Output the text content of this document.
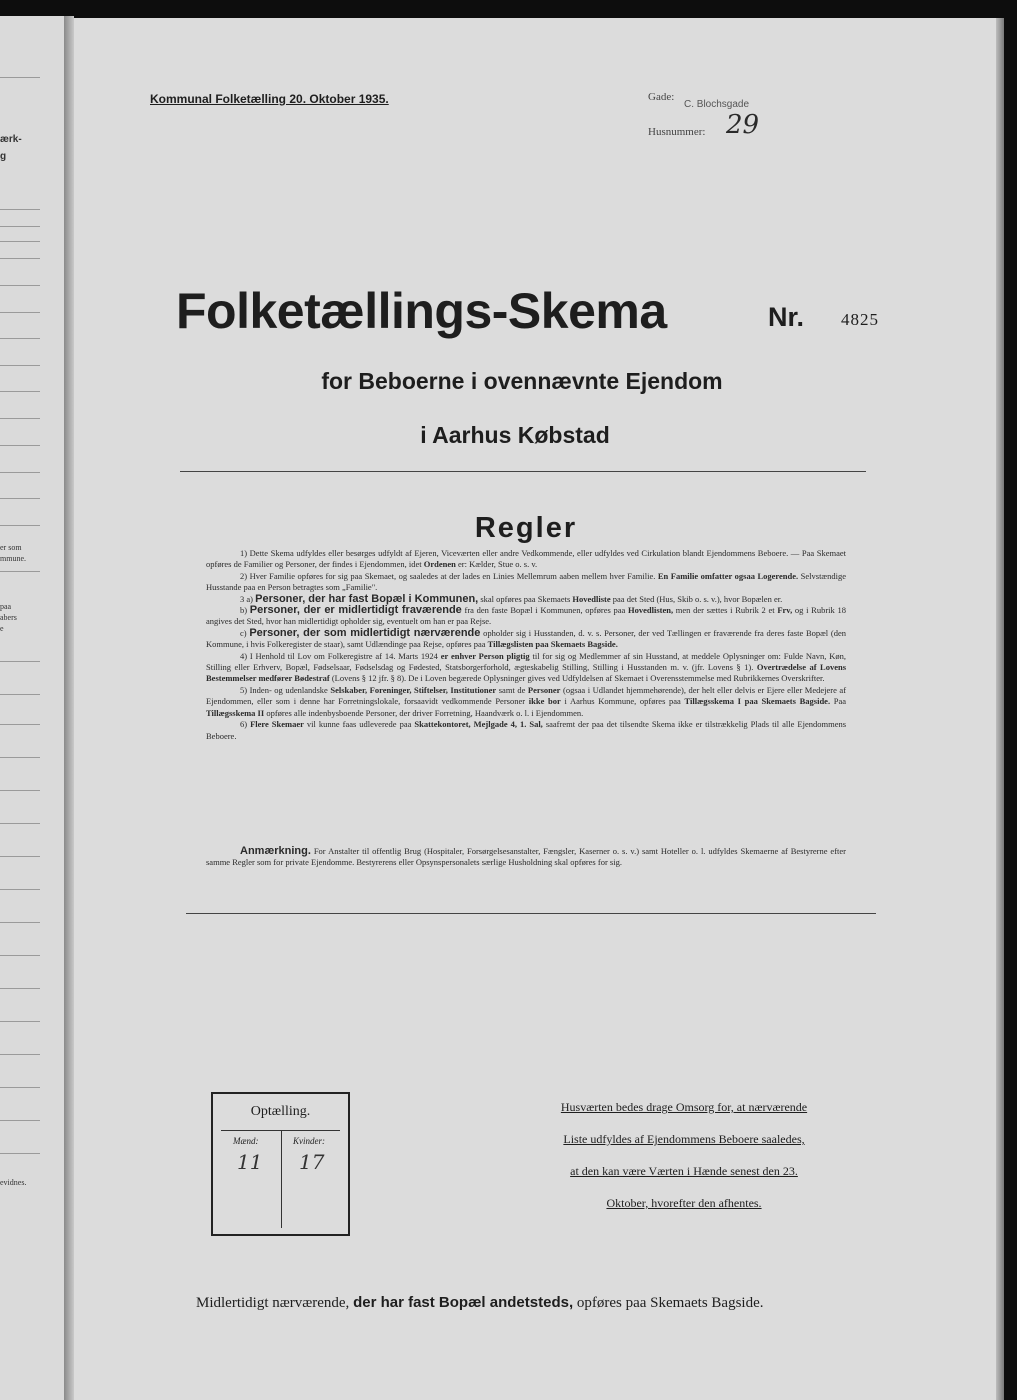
ærk-
g
er som
mmune.
paa
abers
e
evidnes.
Kommunal Folketælling 20. Oktober 1935.	Gade:
C. Blochsgade
Husnummer: 29
Folketællings-Skema	Nr. 4825
for Beboerne i ovennævnte Ejendom
i Aarhus Købstad
Regler

1) Dette Skema udfyldes eller besørges udfyldt af Ejeren, Viceværten eller andre Vedkommende, eller udfyldes ved Cirkulation blandt Ejendommens Beboere. — Paa Skemaet opføres de Familier og Personer, der findes i Ejendommen, idet Ordenen er: Kælder, Stue o. s. v.

2) Hver Familie opføres for sig paa Skemaet, og saaledes at der lades en Linies Mellemrum aaben mellem hver Familie. En Familie omfatter ogsaa Logerende. Selvstændige Husstande paa en Person betragtes som „Familie".

3 a) Personer, der har fast Bopæl i Kommunen, skal opføres paa Skemaets Hovedliste paa det Sted (Hus, Skib o. s. v.), hvor Bopælen er.

b) Personer, der er midlertidigt fraværende fra den faste Bopæl i Kommunen, opføres paa Hovedlisten, men der sættes i Rubrik 2 et Frv, og i Rubrik 18 angives det Sted, hvor han midlertidigt opholder sig, eventuelt om han er paa Rejse.

c) Personer, der som midlertidigt nærværende opholder sig i Husstanden, d. v. s. Personer, der ved Tællingen er fraværende fra deres faste Bopæl (den Kommune, i hvis Folkeregister de staar), samt Udlændinge paa Rejse, opføres paa Tillægslisten paa Skemaets Bagside.

4) I Henhold til Lov om Folkeregistre af 14. Marts 1924 er enhver Person pligtig til for sig og Medlemmer af sin Husstand, at meddele Oplysninger om: Fulde Navn, Køn, Stilling eller Erhverv, Bopæl, Fødselsaar, Fødselsdag og Fødested, Statsborgerforhold, ægteskabelig Stilling, Stilling i Husstanden m. v. (jfr. Lovens § 1). Overtrædelse af Lovens Bestemmelser medfører Bødestraf (Lovens § 12 jfr. § 8). De i Loven begærede Oplysninger gives ved Udfyldelsen af Skemaet i Overensstemmelse med Rubrikkernes Overskrifter.

5) Inden- og udenlandske Selskaber, Foreninger, Stiftelser, Institutioner samt de Personer (ogsaa i Udlandet hjemmehørende), der helt eller delvis er Ejere eller Medejere af Ejendommen, eller som i denne har Forretningslokale, forsaavidt vedkommende Personer ikke bor i Aarhus Kommune, opføres paa Tillægsskema I paa Skemaets Bagside. Paa Tillægsskema II opføres alle indenbysboende Personer, der driver Forretning, Haandværk o. l. i Ejendommen.

6) Flere Skemaer vil kunne faas udleverede paa Skattekontoret, Mejlgade 4, 1. Sal, saafremt der paa det tilsendte Skema ikke er tilstrækkelig Plads til alle Ejendommens Beboere.

Anmærkning. For Anstalter til offentlig Brug (Hospitaler, Forsørgelsesanstalter, Fængsler, Kaserner o. s. v.) samt Hoteller o. l. udfyldes Skemaerne af Bestyrerne efter samme Regler som for private Ejendomme. Bestyrerens eller Opsynspersonalets særlige Husholdning skal opføres for sig.

Optælling.
Mænd:	Kvinder:
11 17
Husværten bedes drage Omsorg for, at nærværende
Liste udfyldes af Ejendommens Beboere saaledes,
at den kan være Værten i Hænde senest den 23.
Oktober, hvorefter den afhentes.
Midlertidigt nærværende, der har fast Bopæl andetsteds, opføres paa Skemaets Bagside.
